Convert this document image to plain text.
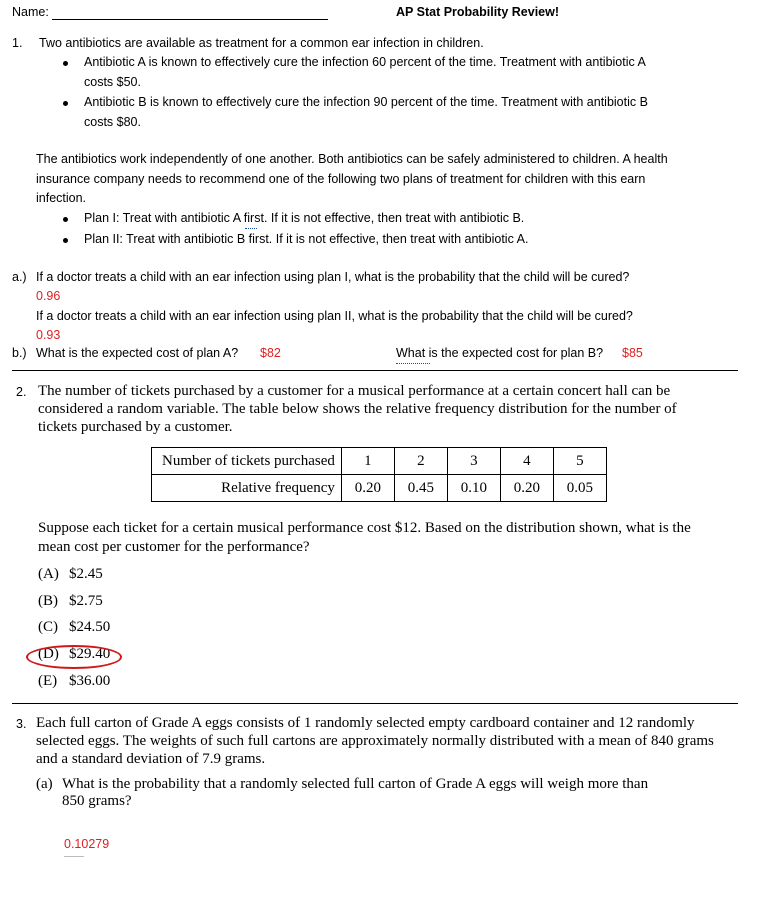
Name:	AP Stat Probability Review!
1. Two antibiotics are available as treatment for a common ear infection in children.
Antibiotic A is known to effectively cure the infection 60 percent of the time. Treatment with antibiotic A
costs $50.
Antibiotic B is known to effectively cure the infection 90 percent of the time. Treatment with antibiotic B
costs $80.
The antibiotics work independently of one another. Both antibiotics can be safely administered to children. A health
insurance company needs to recommend one of the following two plans of treatment for children with this earn
infection.
Plan I: Treat with antibiotic A first. If it is not effective, then treat with antibiotic B.
Plan II: Treat with antibiotic B first. If it is not effective, then treat with antibiotic A.
a.) If a doctor treats a child with an ear infection using plan I, what is the probability that the child will be cured?
0.96
If a doctor treats a child with an ear infection using plan II, what is the probability that the child will be cured?
0.93
b.) What is the expected cost of plan A? $82	What is the expected cost for plan B? $85
2. The number of tickets purchased by a customer for a musical performance at a certain concert hall can be
considered a random variable. The table below shows the relative frequency distribution for the number of
tickets purchased by a customer.
Number of tickets purchased	1	2	3	4	5
Relative frequency	0.20	0.45	0.10	0.20	0.05
Suppose each ticket for a certain musical performance cost $12. Based on the distribution shown, what is the
mean cost per customer for the performance?
(A) $2.45
(B) $2.75
(C) $24.50
(D) $29.40
(E) $36.00
3. Each full carton of Grade A eggs consists of 1 randomly selected empty cardboard container and 12 randomly
selected eggs. The weights of such full cartons are approximately normally distributed with a mean of 840 grams
and a standard deviation of 7.9 grams.
(a) What is the probability that a randomly selected full carton of Grade A eggs will weigh more than
850 grams?
0.10279
